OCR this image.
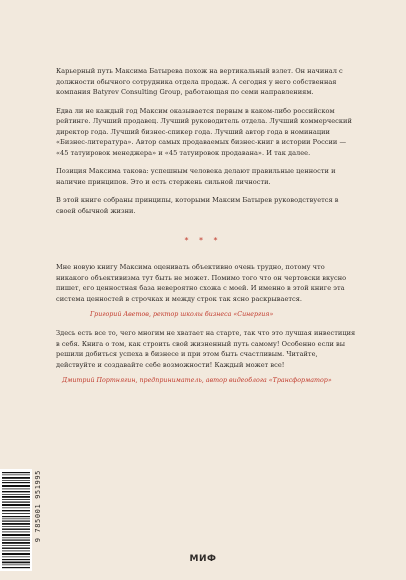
Карьерный путь Максима Батырева похож на вертикальный взлет. Он начинал с должности обычного сотрудника отдела продаж. А сегодня у него собственная компания Batyrev Consulting Group, работающая по семи направлениям.

Едва ли не каждый год Максим оказывается первым в каком-либо российском рейтинге. Лучший продавец. Лучший руководитель отдела. Лучший коммерческий директор года. Лучший бизнес-спикер года. Лучший автор года в номинации «Бизнес-литература». Автор самых продаваемых бизнес-книг в истории России — «45 татуировок менеджера» и «45 татуировок продавана». И так далее.

Позиция Максима такова: успешным человека делают правильные ценности и наличие принципов. Это и есть стержень сильной личности.

В этой книге собраны принципы, которыми Максим Батырев руководствуется в своей обычной жизни.

* * *

Мне новую книгу Максима оценивать объективно очень трудно, потому что никакого объективизма тут быть не может. Помимо того что он чертовски вкусно пишет, его ценностная база невероятно схожа с моей. И именно в этой книге эта система ценностей в строчках и между строк так ясно раскрывается.

Григорий Аветов, ректор школы бизнеса «Синергия»

Здесь есть все то, чего многим не хватает на старте, так что это лучшая инвестиция в себя. Книга о том, как строить свой жизненный путь самому! Особенно если вы решили добиться успеха в бизнесе и при этом быть счастливым. Читайте, действуйте и создавайте себе возможности! Каждый может все!

Дмитрий Портнягин, предприниматель, автор видеоблога «Трансформатор»

9 785001 951995
МИФ
